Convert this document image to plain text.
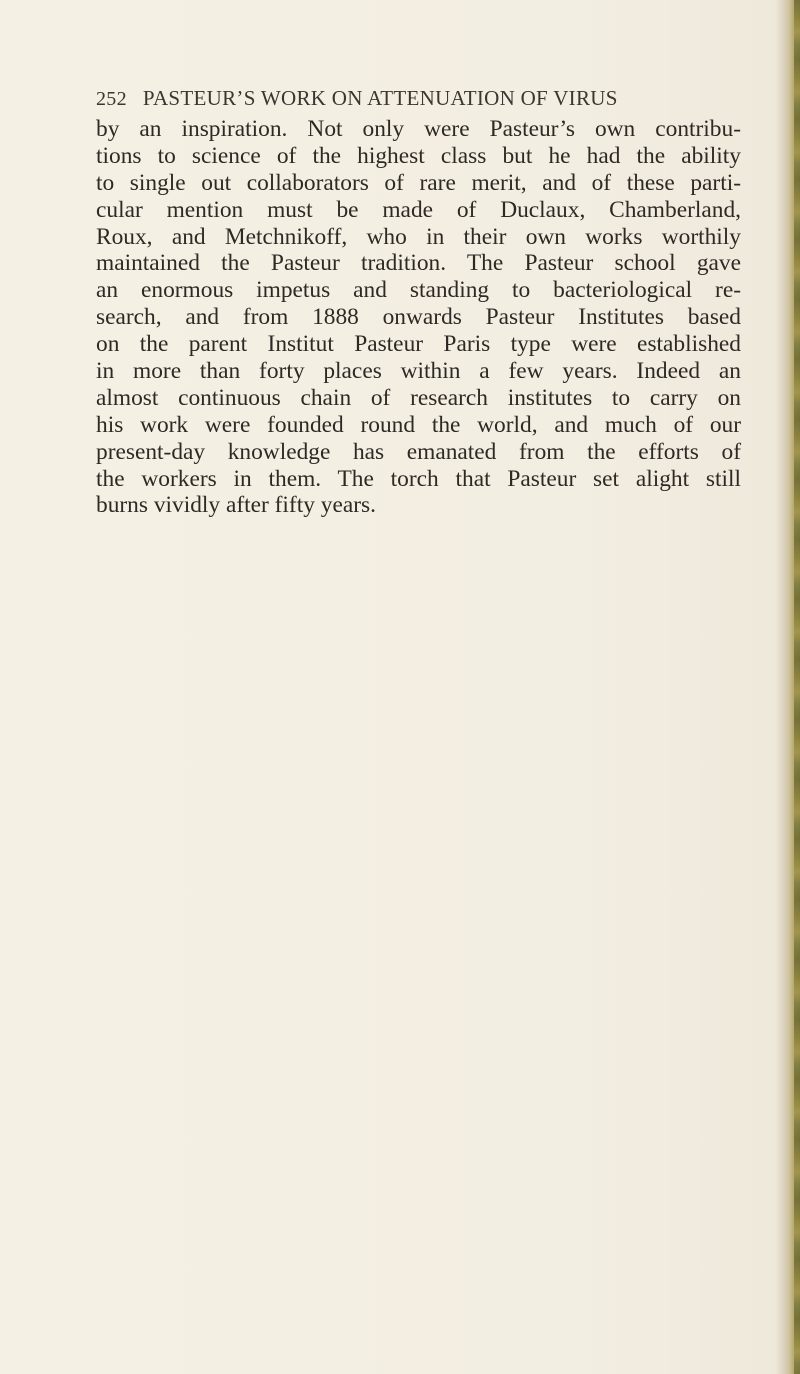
252 PASTEUR’S WORK ON ATTENUATION OF VIRUS
by an inspiration. Not only were Pasteur’s own contribu-
tions to science of the highest class but he had the ability
to single out collaborators of rare merit, and of these parti-
cular mention must be made of Duclaux, Chamberland,
Roux, and Metchnikoff, who in their own works worthily
maintained the Pasteur tradition. The Pasteur school gave
an enormous impetus and standing to bacteriological re-
search, and from 1888 onwards Pasteur Institutes based
on the parent Institut Pasteur Paris type were established
in more than forty places within a few years. Indeed an
almost continuous chain of research institutes to carry on
his work were founded round the world, and much of our
present-day knowledge has emanated from the efforts of
the workers in them. The torch that Pasteur set alight still
burns vividly after fifty years.
